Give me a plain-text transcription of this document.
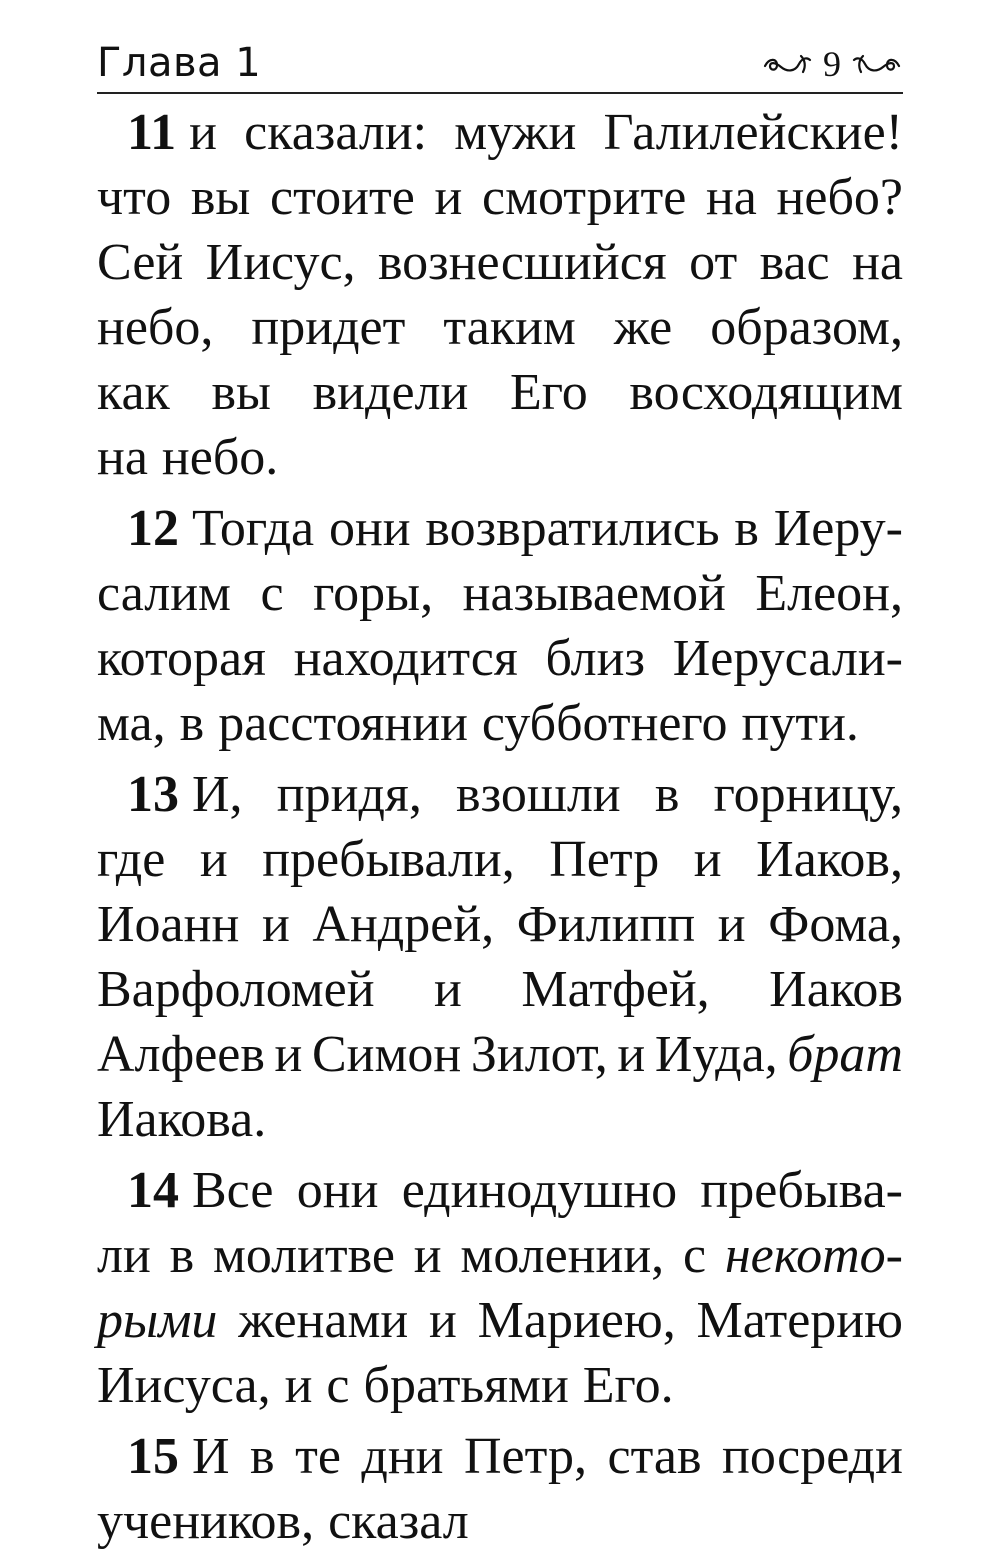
Глава 1	9
11 и сказали: мужи Галилейские!
что вы стоите и смотрите на небо?
Сей Иисус, вознесшийся от вас на
небо, придет таким же образом,
как вы видели Его восходящим
на небо.
12 Тогда они возвратились в Иеру-
салим с горы, называемой Елеон,
которая находится близ Иерусали-
ма, в расстоянии субботнего пути.
13 И, придя, взошли в горницу,
где и пребывали, Петр и Иаков,
Иоанн и Андрей, Филипп и Фома,
Варфоломей и Матфей, Иаков
Алфеев и Симон Зилот, и Иуда, брат
Иакова.
14 Все они единодушно пребыва-
ли в молитве и молении, с некото-
рыми женами и Мариею, Материю
Иисуса, и с братьями Его.
15 И в те дни Петр, став посреди
учеников, сказал
